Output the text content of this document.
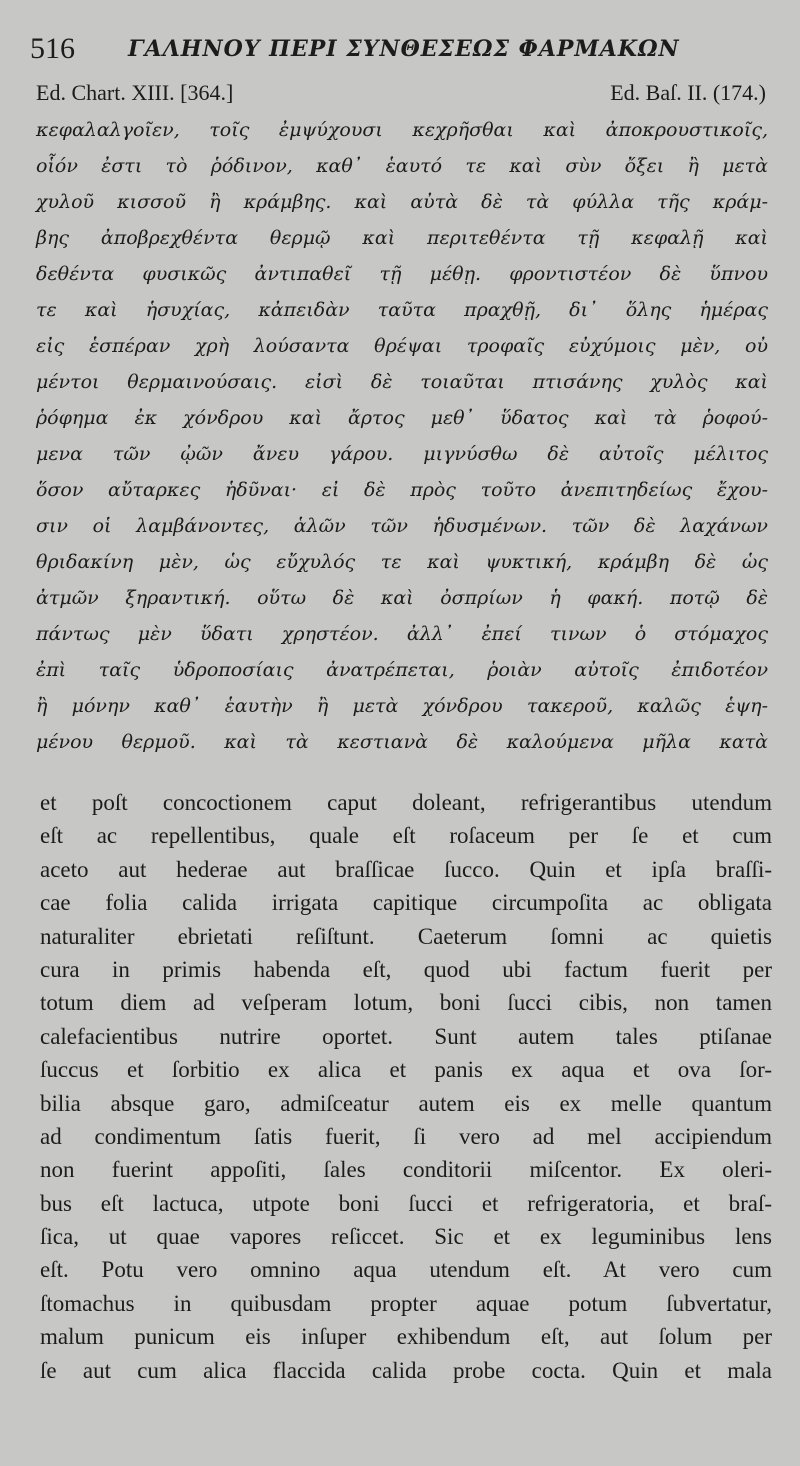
516 ΓΑΛΗΝΟΥ ΠΕΡΙ ΣΥΝΘΕΣΕΩΣ ΦΑΡΜΑΚΩΝ
Ed. Chart. XIII. [364.]	Ed. Baſ. II. (174.)
κεφαλαλγοῖεν, τοῖς ἐμψύχουσι κεχρῆσθαι καὶ ἀποκρουστικοῖς,
οἷόν ἐστι τὸ ῥόδινον, καθ᾽ ἑαυτό τε καὶ σὺν ὄξει ἢ μετὰ
χυλοῦ κισσοῦ ἢ κράμβης. καὶ αὐτὰ δὲ τὰ φύλλα τῆς κράμ-
βης ἀποβρεχθέντα θερμῷ καὶ περιτεθέντα τῇ κεφαλῇ καὶ
δεθέντα φυσικῶς ἀντιπαθεῖ τῇ μέθῃ. φροντιστέον δὲ ὕπνου
τε καὶ ἡσυχίας, κἀπειδὰν ταῦτα πραχθῇ, δι᾽ ὅλης ἡμέρας
εἰς ἑσπέραν χρὴ λούσαντα θρέψαι τροφαῖς εὐχύμοις μὲν, οὐ
μέντοι θερμαινούσαις. εἰσὶ δὲ τοιαῦται πτισάνης χυλὸς καὶ
ῥόφημα ἐκ χόνδρου καὶ ἄρτος μεθ᾽ ὕδατος καὶ τὰ ῥοφού-
μενα τῶν ᾠῶν ἄνευ γάρου. μιγνύσθω δὲ αὐτοῖς μέλιτος
ὅσον αὔταρκες ἡδῦναι· εἰ δὲ πρὸς τοῦτο ἀνεπιτηδείως ἔχου-
σιν οἱ λαμβάνοντες, ἁλῶν τῶν ἡδυσμένων. τῶν δὲ λαχάνων
θριδακίνη μὲν, ὡς εὔχυλός τε καὶ ψυκτική, κράμβη δὲ ὡς
ἀτμῶν ξηραντική. οὕτω δὲ καὶ ὀσπρίων ἡ φακή. ποτῷ δὲ
πάντως μὲν ὕδατι χρηστέον. ἀλλ᾽ ἐπεί τινων ὁ στόμαχος
ἐπὶ ταῖς ὑδροποσίαις ἀνατρέπεται, ῥοιὰν αὐτοῖς ἐπιδοτέον
ἢ μόνην καθ᾽ ἑαυτὴν ἢ μετὰ χόνδρου τακεροῦ, καλῶς ἑψη-
μένου θερμοῦ. καὶ τὰ κεστιανὰ δὲ καλούμενα μῆλα κατὰ
et poſt concoctionem caput doleant, refrigerantibus utendum
eſt ac repellentibus, quale eſt roſaceum per ſe et cum
aceto aut hederae aut braſſicae ſucco. Quin et ipſa braſſi-
cae folia calida irrigata capitique circumpoſita ac obligata
naturaliter ebrietati reſiſtunt. Caeterum ſomni ac quietis
cura in primis habenda eſt, quod ubi factum fuerit per
totum diem ad veſperam lotum, boni ſucci cibis, non tamen
calefacientibus nutrire oportet. Sunt autem tales ptiſanae
ſuccus et ſorbitio ex alica et panis ex aqua et ova ſor-
bilia absque garo, admiſceatur autem eis ex melle quantum
ad condimentum ſatis fuerit, ſi vero ad mel accipiendum
non fuerint appoſiti, ſales conditorii miſcentor. Ex oleri-
bus eſt lactuca, utpote boni ſucci et refrigeratoria, et braſ-
ſica, ut quae vapores reſiccet. Sic et ex leguminibus lens
eſt. Potu vero omnino aqua utendum eſt. At vero cum
ſtomachus in quibusdam propter aquae potum ſubvertatur,
malum punicum eis inſuper exhibendum eſt, aut ſolum per
ſe aut cum alica flaccida calida probe cocta. Quin et mala
